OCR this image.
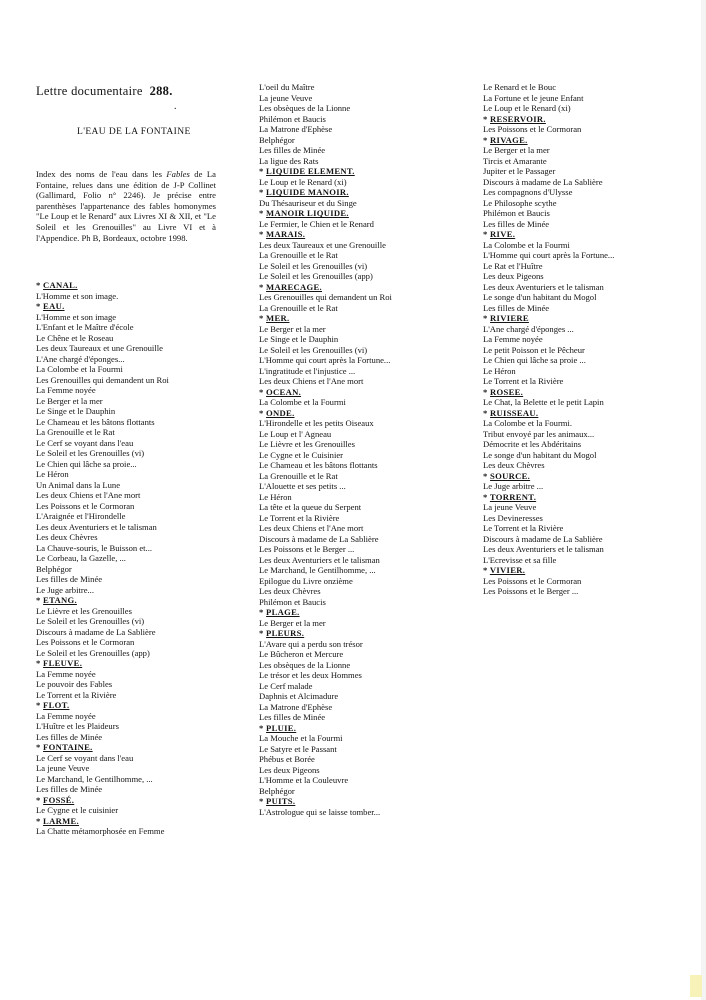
Lettre documentaire 288.
.
L'EAU DE LA FONTAINE
Index des noms de l'eau dans les Fables de La Fontaine, relues dans une édition de J-P Collinet (Gallimard, Folio n° 2246). Je précise entre parenthèses l'appartenance des fables homonymes "Le Loup et le Renard" aux Livres XI & XII, et "Le Soleil et les Grenouilles" au Livre VI et à l'Appendice. Ph B, Bordeaux, octobre 1998.
* CANAL.
L'Homme et son image.
* EAU.
L'Homme et son image
L'Enfant et le Maître d'école
Le Chêne et le Roseau
Les deux Taureaux et une Grenouille
L'Ane chargé d'éponges...
La Colombe et la Fourmi
Les Grenouilles qui demandent un Roi
La Femme noyée
Le Berger et la mer
Le Singe et le Dauphin
Le Chameau et les bâtons flottants
La Grenouille et le Rat
Le Cerf se voyant dans l'eau
Le Soleil et les Grenouilles (vi)
Le Chien qui lâche sa proie...
Le Héron
Un Animal dans la Lune
Les deux Chiens et l'Ane mort
Les Poissons et le Cormoran
L'Araignée et l'Hirondelle
Les deux Aventuriers et le talisman
Les deux Chèvres
La Chauve-souris, le Buisson et...
Le Corbeau, la Gazelle, ...
Belphégor
Les filles de Minée
Le Juge arbitre...
* ETANG.
Le Lièvre et les Grenouilles
Le Soleil et les Grenouilles (vi)
Discours à madame de La Sablière
Les Poissons et le Cormoran
Le Soleil et les Grenouilles (app)
* FLEUVE.
La Femme noyée
Le pouvoir des Fables
Le Torrent et la Rivière
* FLOT.
La Femme noyée
L'Huître et les Plaideurs
Les filles de Minée
* FONTAINE.
Le Cerf se voyant dans l'eau
La jeune Veuve
Le Marchand, le Gentilhomme, ...
Les filles de Minée
* FOSSÉ.
Le Cygne et le cuisinier
* LARME.
La Chatte métamorphosée en Femme
L'oeil du Maître
La jeune Veuve
Les obsèques de la Lionne
Philémon et Baucis
La Matrone d'Ephèse
Belphégor
Les filles de Minée
La ligue des Rats
* LIQUIDE ELEMENT.
Le Loup et le Renard (xi)
* LIQUIDE MANOIR.
Du Thésauriseur et du Singe
* MANOIR LIQUIDE.
Le Fermier, le Chien et le Renard
* MARAIS.
Les deux Taureaux et une Grenouille
La Grenouille et le Rat
Le Soleil et les Grenouilles (vi)
Le Soleil et les Grenouilles (app)
* MARECAGE.
Les Grenouilles qui demandent un Roi
La Grenouille et le Rat
* MER.
Le Berger et la mer
Le Singe et le Dauphin
Le Soleil et les Grenouilles (vi)
L'Homme qui court après la Fortune...
L'ingratitude et l'injustice ...
Les deux Chiens et l'Ane mort
* OCEAN.
La Colombe et la Fourmi
* ONDE.
L'Hirondelle et les petits Oiseaux
Le Loup et l' Agneau
Le Lièvre et les Grenouilles
Le Cygne et le Cuisinier
Le Chameau et les bâtons flottants
La Grenouille et le Rat
L'Alouette et ses petits ...
Le Héron
La tête et la queue du Serpent
Le Torrent et la Rivière
Les deux Chiens et l'Ane mort
Discours à madame de La Sablière
Les Poissons et le Berger ...
Les deux Aventuriers et le talisman
Le Marchand, le Gentilhomme, ...
Epilogue du Livre onzième
Les deux Chèvres
Philémon et Baucis
* PLAGE.
Le Berger et la mer
* PLEURS.
L'Avare qui a perdu son trésor
Le Bûcheron et Mercure
Les obsèques de la Lionne
Le trésor et les deux Hommes
Le Cerf malade
Daphnis et Alcimadure
La Matrone d'Ephèse
Les filles de Minée
* PLUIE.
La Mouche et la Fourmi
Le Satyre et le Passant
Phébus et Borée
Les deux Pigeons
L'Homme et la Couleuvre
Belphégor
* PUITS.
L'Astrologue qui se laisse tomber...
Le Renard et le Bouc
La Fortune et le jeune Enfant
Le Loup et le Renard (xi)
* RESERVOIR.
Les Poissons et le Cormoran
* RIVAGE.
Le Berger et la mer
Tircis et Amarante
Jupiter et le Passager
Discours à madame de La Sablière
Les compagnons d'Ulysse
Le Philosophe scythe
Philémon et Baucis
Les filles de Minée
* RIVE.
La Colombe et la Fourmi
L'Homme qui court après la Fortune...
Le Rat et l'Huître
Les deux Pigeons
Les deux Aventuriers et le talisman
Le songe d'un habitant du Mogol
Les filles de Minée
* RIVIERE
L'Ane chargé d'éponges ...
La Femme noyée
Le petit Poisson et le Pêcheur
Le Chien qui lâche sa proie ...
Le Héron
Le Torrent et la Rivière
* ROSEE.
Le Chat, la Belette et le petit Lapin
* RUISSEAU.
La Colombe et la Fourmi.
Tribut envoyé par les animaux...
Démocrite et les Abdéritains
Le songe d'un habitant du Mogol
Les deux Chèvres
* SOURCE.
Le Juge arbitre ...
* TORRENT.
La jeune Veuve
Les Devineresses
Le Torrent et la Rivière
Discours à madame de La Sablière
Les deux Aventuriers et le talisman
L'Ecrevisse et sa fille
* VIVIER.
Les Poissons et le Cormoran
Les Poissons et le Berger ...
